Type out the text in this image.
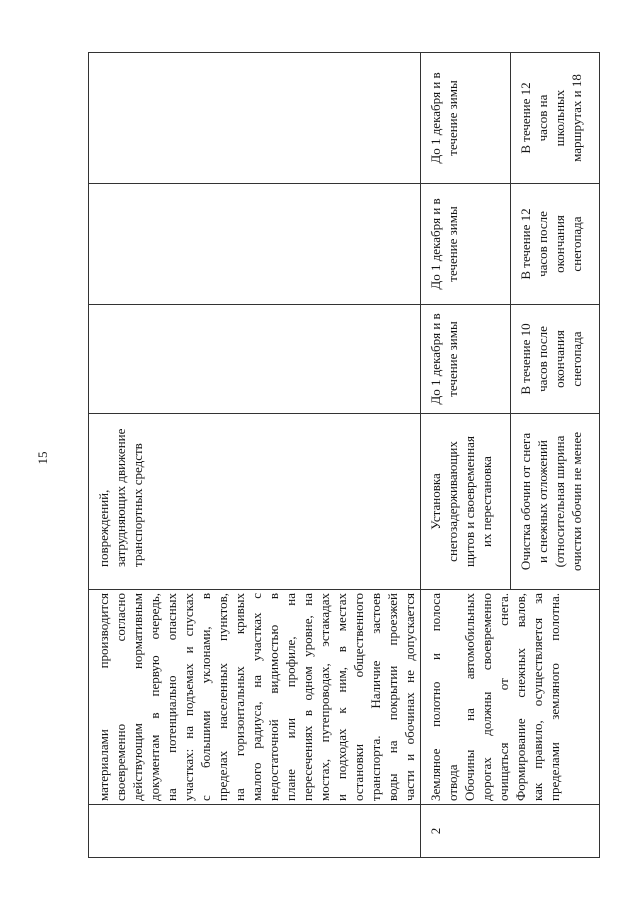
15
материалами производится своевременно согласно действующим нормативным документам в первую очередь, на потенциально опасных участках: на подъемах и спусках с большими уклонами, в пределах населенных пунктов, на горизонтальных кривых малого радиуса, на участках с недостаточной видимостью в плане или профиле, на пересечениях в одном уровне, на мостах, путепроводах, эстакадах и подходах к ним, в местах остановки общественного транспорта. Наличие застоев воды на покрытии проезжей части и обочинах не допускается
повреждений, затрудняющих движение транспортных средств
2
Земляное полотно и полоса отвода Обочины на автомобильных дорогах должны своевременно очищаться от снега. Формирование снежных валов, как правило, осуществляется за пределами земляного полотна.
Установка снегозадерживающих щитов и своевременная их перестановка
До 1 декабря и в течение зимы
До 1 декабря и в течение зимы
До 1 декабря и в течение зимы
Очистка обочин от снега и снежных отложений (относительная ширина очистки обочин не менее
В течение 10 часов после окончания снегопада
В течение 12 часов после окончания снегопада
В течение 12 часов на школьных маршрутах и 18
